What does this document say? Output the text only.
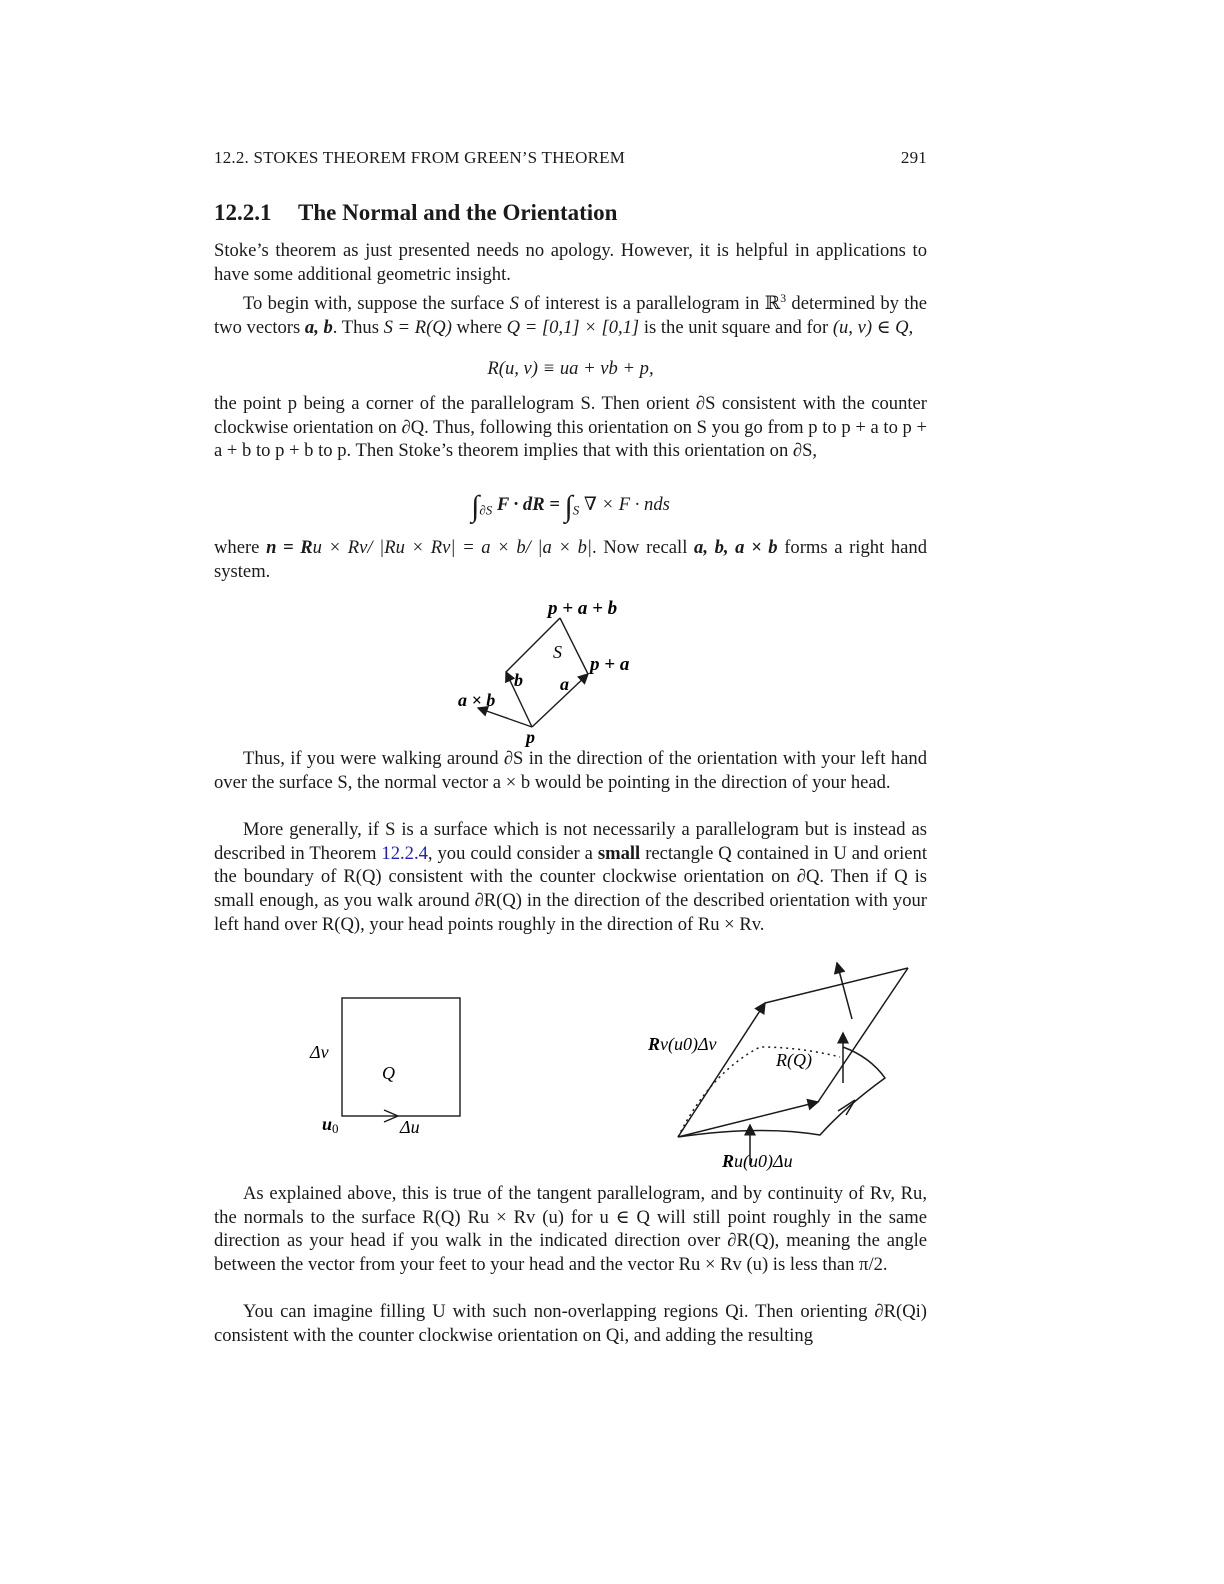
12.2. STOKES THEOREM FROM GREEN’S THEOREM	291
12.2.1 The Normal and the Orientation
Stoke’s theorem as just presented needs no apology. However, it is helpful in applications to have some additional geometric insight.
To begin with, suppose the surface S of interest is a parallelogram in ℝ$^3$ determined by the two vectors a, b. Thus S = R(Q) where Q = [0,1] × [0,1] is the unit square and for (u, v) ∈ Q,
R(u, v) ≡ ua + vb + p,
the point p being a corner of the parallelogram S. Then orient ∂S consistent with the counter clockwise orientation on ∂Q. Thus, following this orientation on S you go from p to p + a to p + a + b to p + b to p. Then Stoke’s theorem implies that with this orientation on ∂S,
$\int_{\partial S}$ F · dR = $\int_S$ ∇ × F · nds
where n = Ru × Rv/ |Ru × Rv| = a × b/ |a × b|. Now recall a, b, a × b forms a right hand system.
Thus, if you were walking around ∂S in the direction of the orientation with your left hand over the surface S, the normal vector a × b would be pointing in the direction of your head.
More generally, if S is a surface which is not necessarily a parallelogram but is instead as described in Theorem 12.2.4, you could consider a small rectangle Q contained in U and orient the boundary of R(Q) consistent with the counter clockwise orientation on ∂Q. Then if Q is small enough, as you walk around ∂R(Q) in the direction of the described orientation with your left hand over R(Q), your head points roughly in the direction of Ru × Rv.
As explained above, this is true of the tangent parallelogram, and by continuity of Rv, Ru, the normals to the surface R(Q) Ru × Rv (u) for u ∈ Q will still point roughly in the same direction as your head if you walk in the indicated direction over ∂R(Q), meaning the angle between the vector from your feet to your head and the vector Ru × Rv (u) is less than π/2.
You can imagine filling U with such non-overlapping regions Qi. Then orienting ∂R(Qi) consistent with the counter clockwise orientation on Qi, and adding the resulting
p + a + b
S
p + a
b a
a × b
p
Δv
Q
u0	Δu
Rv(u0)Δv
R(Q)
Ru(u0)Δu
